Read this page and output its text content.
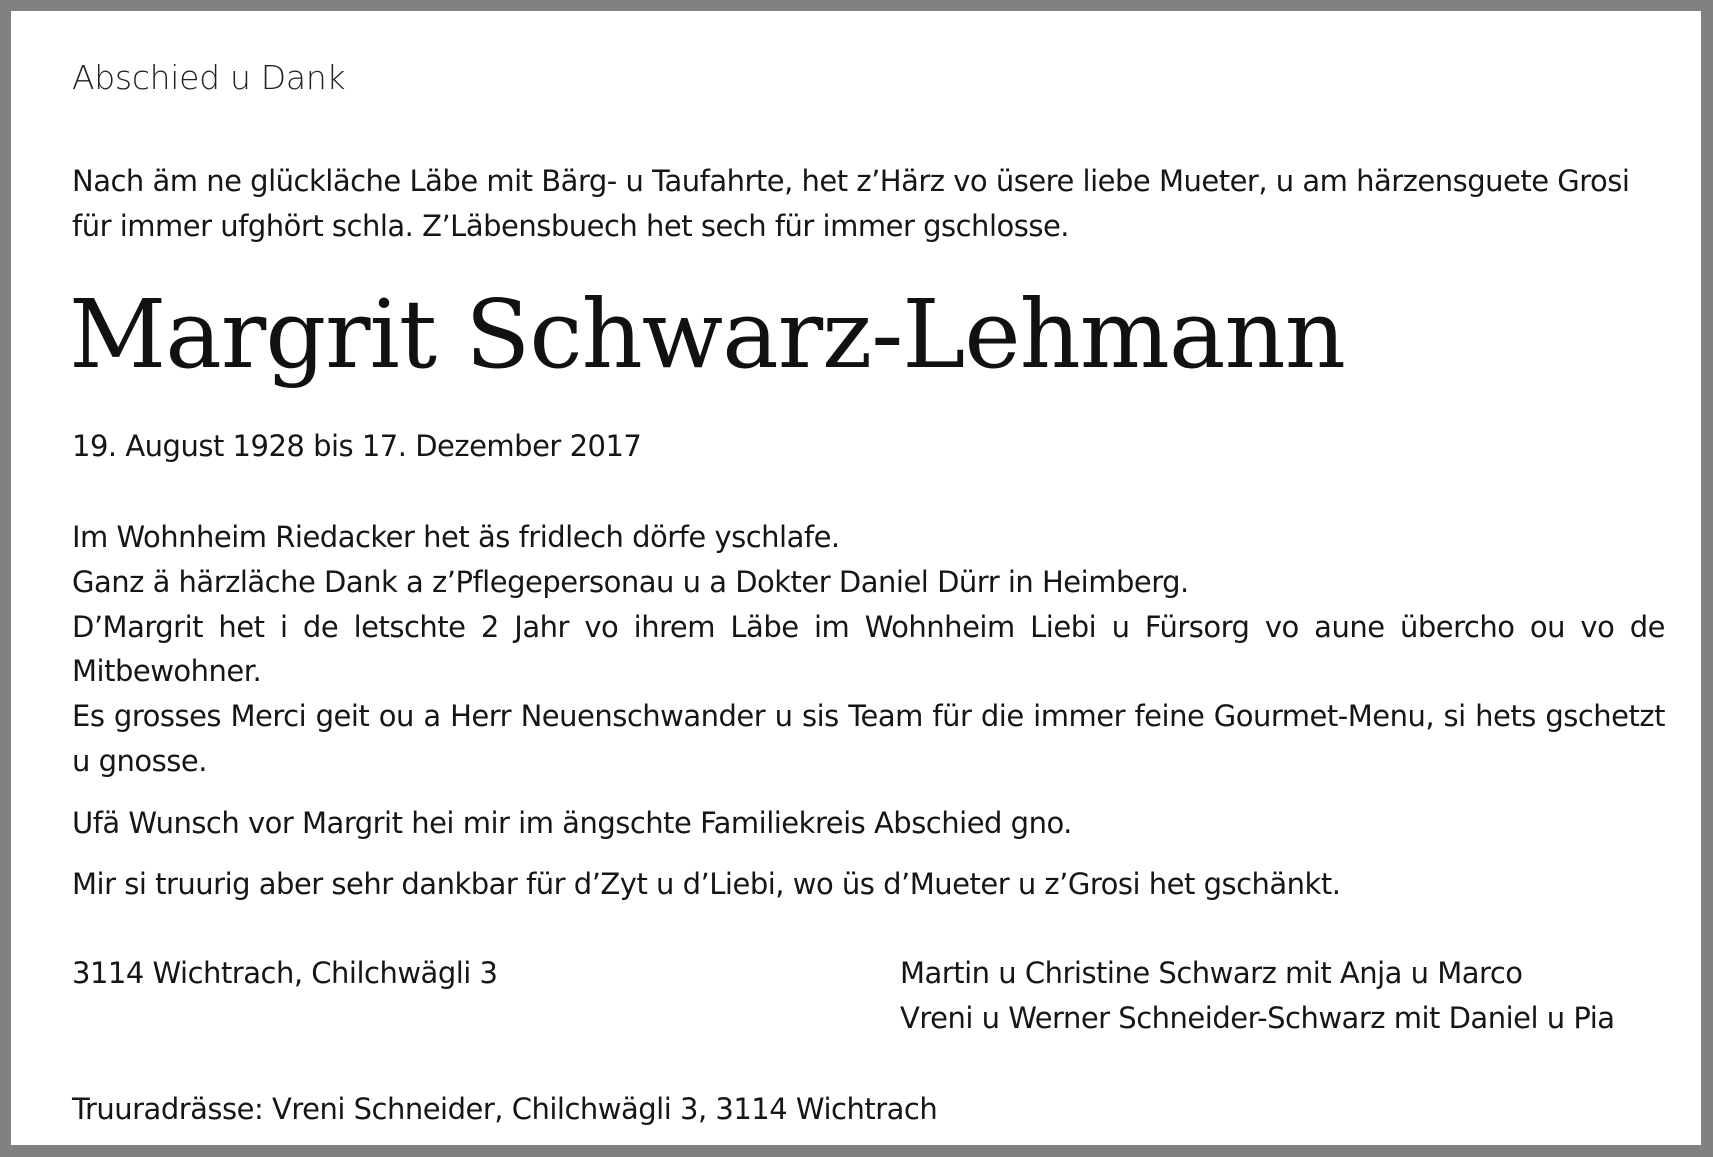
Abschied u Dank

Nach äm ne glückläche Läbe mit Bärg- u Taufahrte, het z’Härz vo üsere liebe Mueter, u am härzensguete Grosi für immer ufghört schla. Z’Läbensbuech het sech für immer gschlosse.

Margrit Schwarz-Lehmann
19. August 1928 bis 17. Dezember 2017
Im Wohnheim Riedacker het äs fridlech dörfe yschlafe.
Ganz ä härzläche Dank a z’Pflegepersonau u a Dokter Daniel Dürr in Heimberg.
D’Margrit het i de letschte 2 Jahr vo ihrem Läbe im Wohnheim Liebi u Fürsorg vo aune übercho ou vo de Mitbewohner.
Es grosses Merci geit ou a Herr Neuenschwander u sis Team für die immer feine Gourmet-Menu, si hets gschetzt u gnosse.
Ufä Wunsch vor Margrit hei mir im ängschte Familiekreis Abschied gno.
Mir si truurig aber sehr dankbar für d’Zyt u d’Liebi, wo üs d’Mueter u z’Grosi het gschänkt.
3114 Wichtrach, Chilchwägli 3	Martin u Christine Schwarz mit Anja u Marco
Vreni u Werner Schneider-Schwarz mit Daniel u Pia
Truuradrässe: Vreni Schneider, Chilchwägli 3, 3114 Wichtrach
